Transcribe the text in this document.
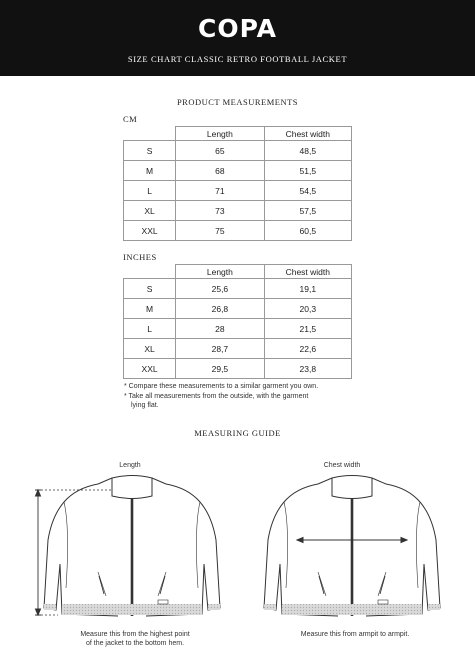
COPA
SIZE CHART CLASSIC RETRO FOOTBALL JACKET
PRODUCT MEASUREMENTS
CM
	Length	Chest width
S	65	48,5
M	68	51,5
L	71	54,5
XL	73	57,5
XXL	75	60,5
INCHES
	Length	Chest width
S	25,6	19,1
M	26,8	20,3
L	28	21,5
XL	28,7	22,6
XXL	29,5	23,8

* Compare these measurements to a similar garment you own.

* Take all measurements from the outside, with the garment

lying flat.

MEASURING GUIDE
Length	Chest width
Measure this from the highest point
of the jacket to the bottom hem.
Measure this from armpit to armpit.
